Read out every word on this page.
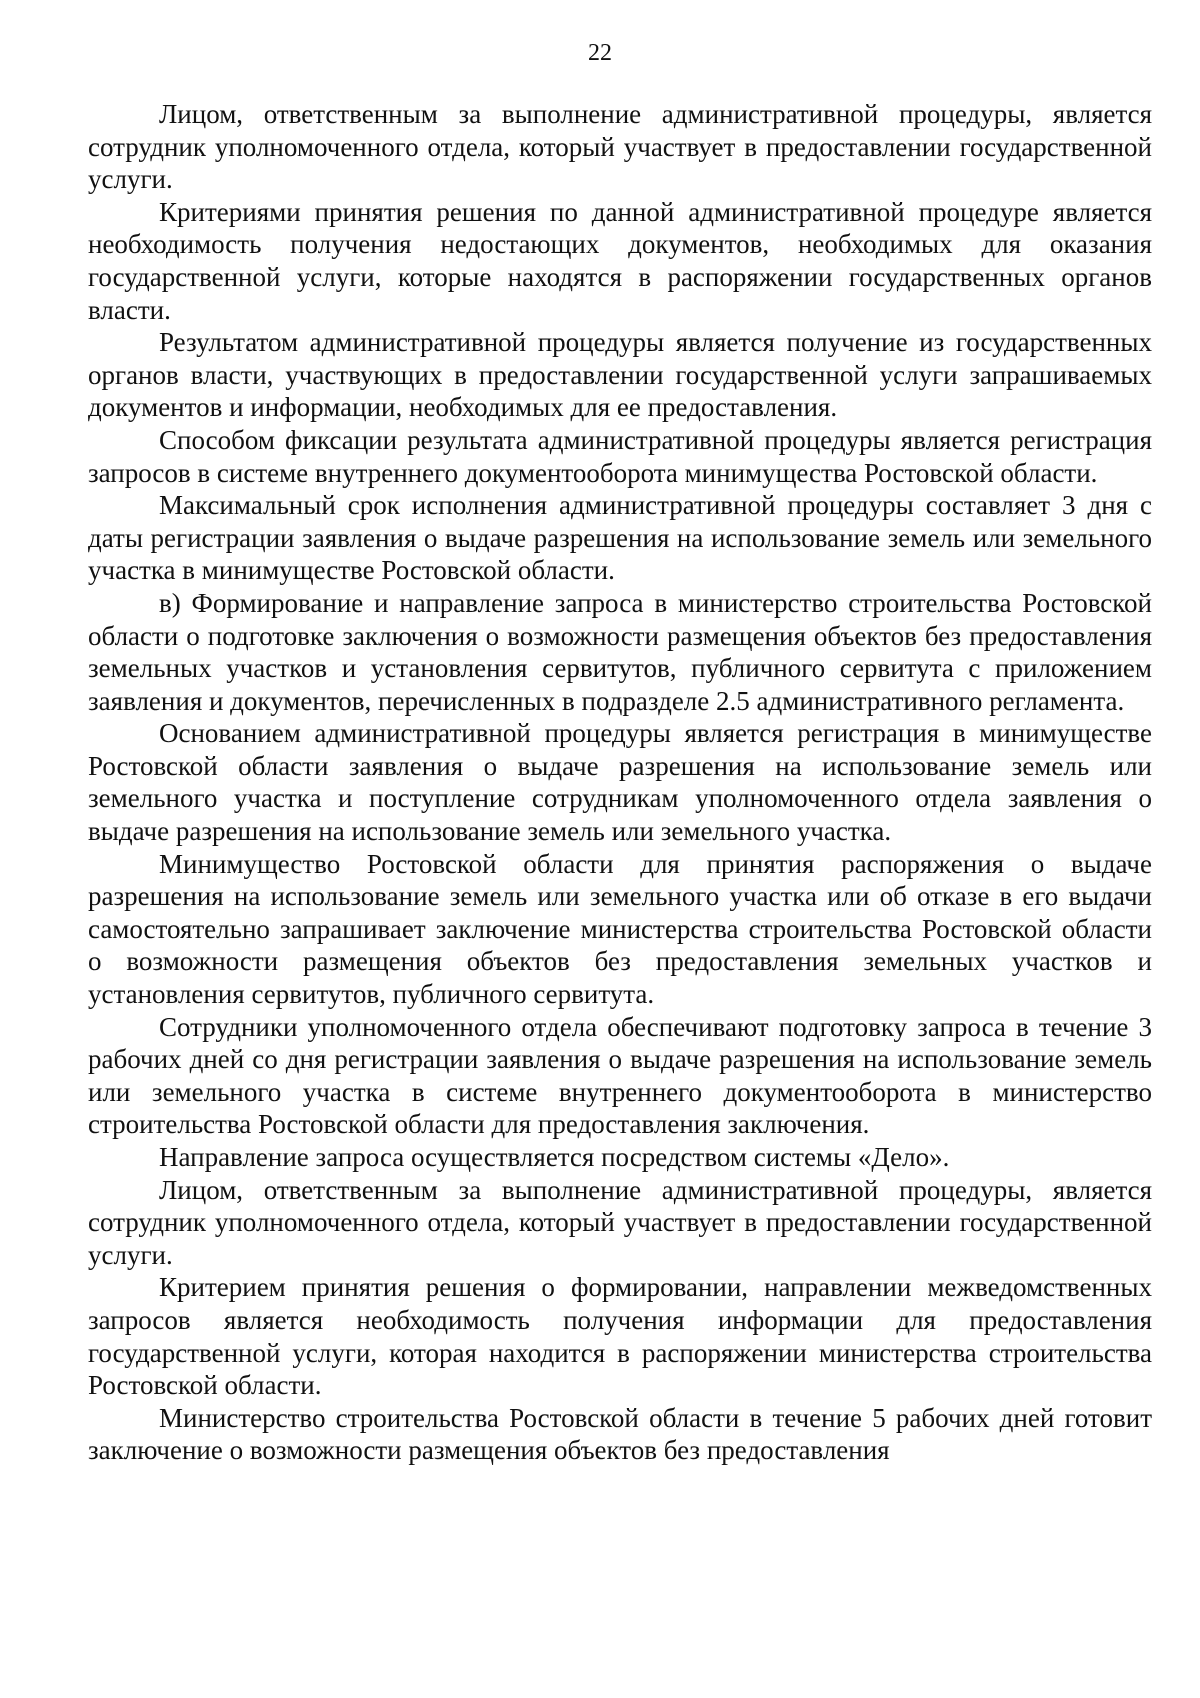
22

Лицом, ответственным за выполнение административной процедуры, является сотрудник уполномоченного отдела, который участвует в предоставлении государственной услуги.

Критериями принятия решения по данной административной процедуре является необходимость получения недостающих документов, необходимых для оказания государственной услуги, которые находятся в распоряжении государственных органов власти.

Результатом административной процедуры является получение из государственных органов власти, участвующих в предоставлении государственной услуги запрашиваемых документов и информации, необходимых для ее предоставления.

Способом фиксации результата административной процедуры является регистрация запросов в системе внутреннего документооборота минимущества Ростовской области.

Максимальный срок исполнения административной процедуры составляет 3 дня с даты регистрации заявления о выдаче разрешения на использование земель или земельного участка в минимуществе Ростовской области.

в) Формирование и направление запроса в министерство строительства Ростовской области о подготовке заключения о возможности размещения объектов без предоставления земельных участков и установления сервитутов, публичного сервитута с приложением заявления и документов, перечисленных в подразделе 2.5 административного регламента.

Основанием административной процедуры является регистрация в минимуществе Ростовской области заявления о выдаче разрешения на использование земель или земельного участка и поступление сотрудникам уполномоченного отдела заявления о выдаче разрешения на использование земель или земельного участка.

Минимущество Ростовской области для принятия распоряжения о выдаче разрешения на использование земель или земельного участка или об отказе в его выдачи самостоятельно запрашивает заключение министерства строительства Ростовской области о возможности размещения объектов без предоставления земельных участков и установления сервитутов, публичного сервитута.

Сотрудники уполномоченного отдела обеспечивают подготовку запроса в течение 3 рабочих дней со дня регистрации заявления о выдаче разрешения на использование земель или земельного участка в системе внутреннего документооборота в министерство строительства Ростовской области для предоставления заключения.

Направление запроса осуществляется посредством системы «Дело».

Лицом, ответственным за выполнение административной процедуры, является сотрудник уполномоченного отдела, который участвует в предоставлении государственной услуги.

Критерием принятия решения о формировании, направлении межведомственных запросов является необходимость получения информации для предоставления государственной услуги, которая находится в распоряжении министерства строительства Ростовской области.

Министерство строительства Ростовской области в течение 5 рабочих дней готовит заключение о возможности размещения объектов без предоставления
